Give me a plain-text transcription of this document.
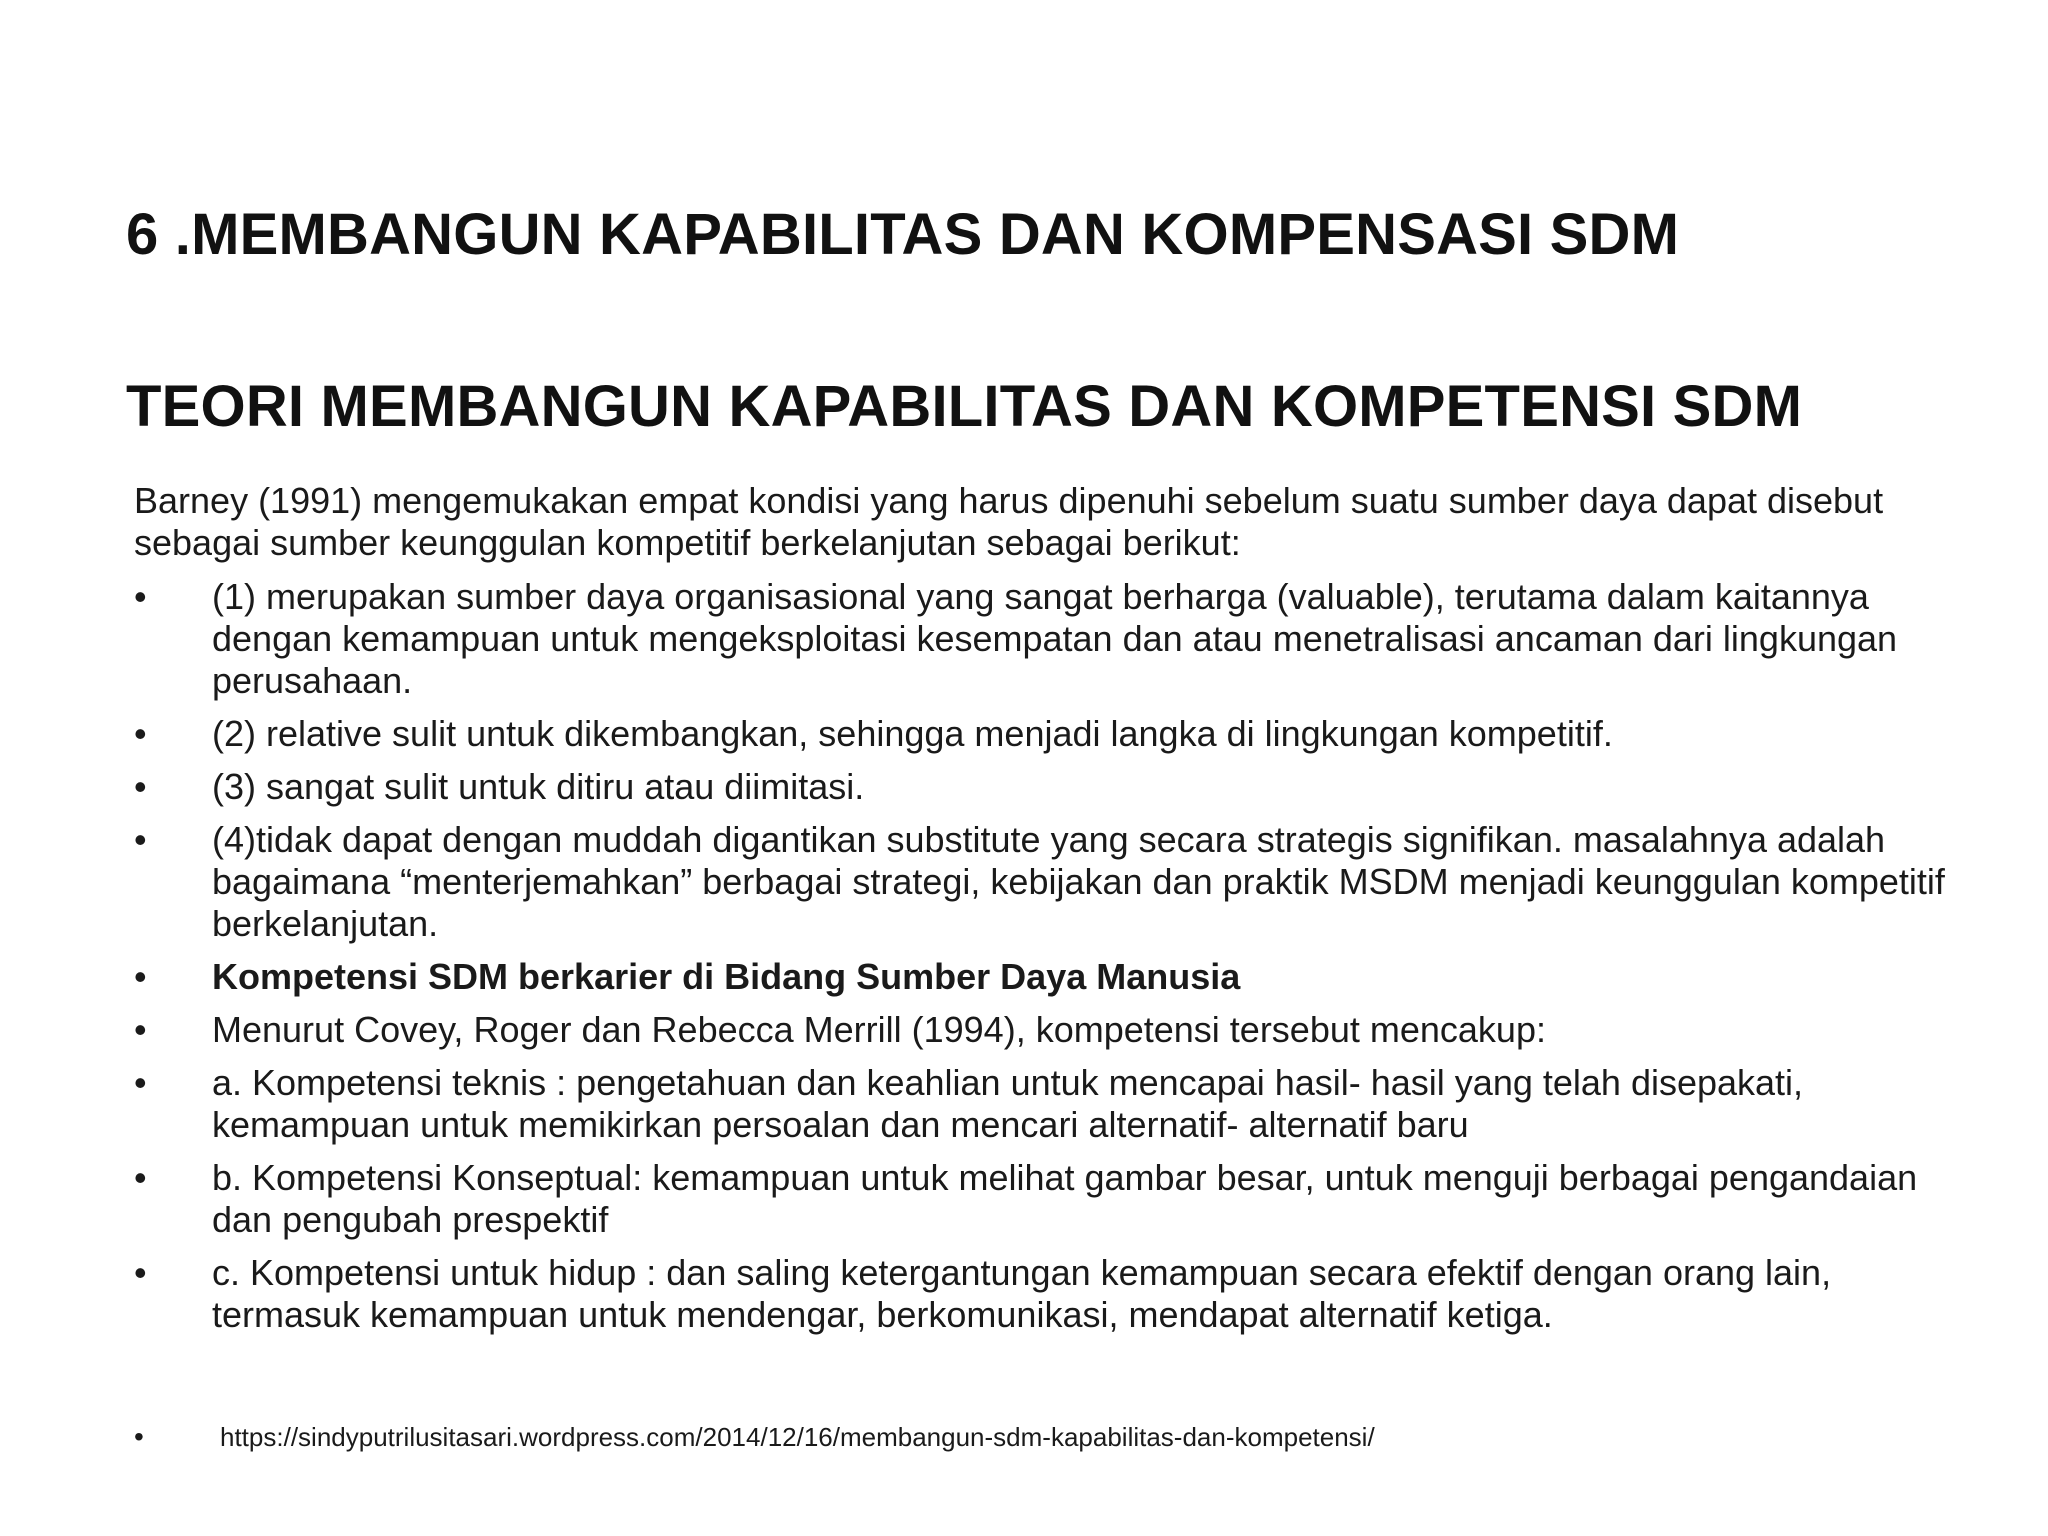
6 .MEMBANGUN KAPABILITAS DAN KOMPENSASI SDM
TEORI MEMBANGUN KAPABILITAS DAN KOMPETENSI SDM

Barney (1991) mengemukakan empat kondisi yang harus dipenuhi sebelum suatu sumber daya dapat disebut sebagai sumber keunggulan kompetitif berkelanjutan sebagai berikut:

•	(1) merupakan sumber daya organisasional yang sangat berharga (valuable), terutama dalam kaitannya dengan kemampuan untuk mengeksploitasi kesempatan dan atau menetralisasi ancaman dari lingkungan perusahaan.
•	(2) relative sulit untuk dikembangkan, sehingga menjadi langka di lingkungan kompetitif.
•	(3) sangat sulit untuk ditiru atau diimitasi.
•	(4)tidak dapat dengan muddah digantikan substitute yang secara strategis signifikan. masalahnya adalah bagaimana “menterjemahkan” berbagai strategi, kebijakan dan praktik MSDM menjadi keunggulan kompetitif berkelanjutan.
•	Kompetensi SDM berkarier di Bidang Sumber Daya Manusia
•	Menurut Covey, Roger dan Rebecca Merrill (1994), kompetensi tersebut mencakup:
•	a. Kompetensi teknis : pengetahuan dan keahlian untuk mencapai hasil- hasil yang telah disepakati, kemampuan untuk memikirkan persoalan dan mencari alternatif- alternatif baru
•	b. Kompetensi Konseptual: kemampuan untuk melihat gambar besar, untuk menguji berbagai pengandaian dan pengubah prespektif
•	c. Kompetensi untuk hidup : dan saling ketergantungan kemampuan secara efektif dengan orang lain, termasuk kemampuan untuk mendengar, berkomunikasi, mendapat alternatif ketiga.
•	https://sindyputrilusitasari.wordpress.com/2014/12/16/membangun-sdm-kapabilitas-dan-kompetensi/
